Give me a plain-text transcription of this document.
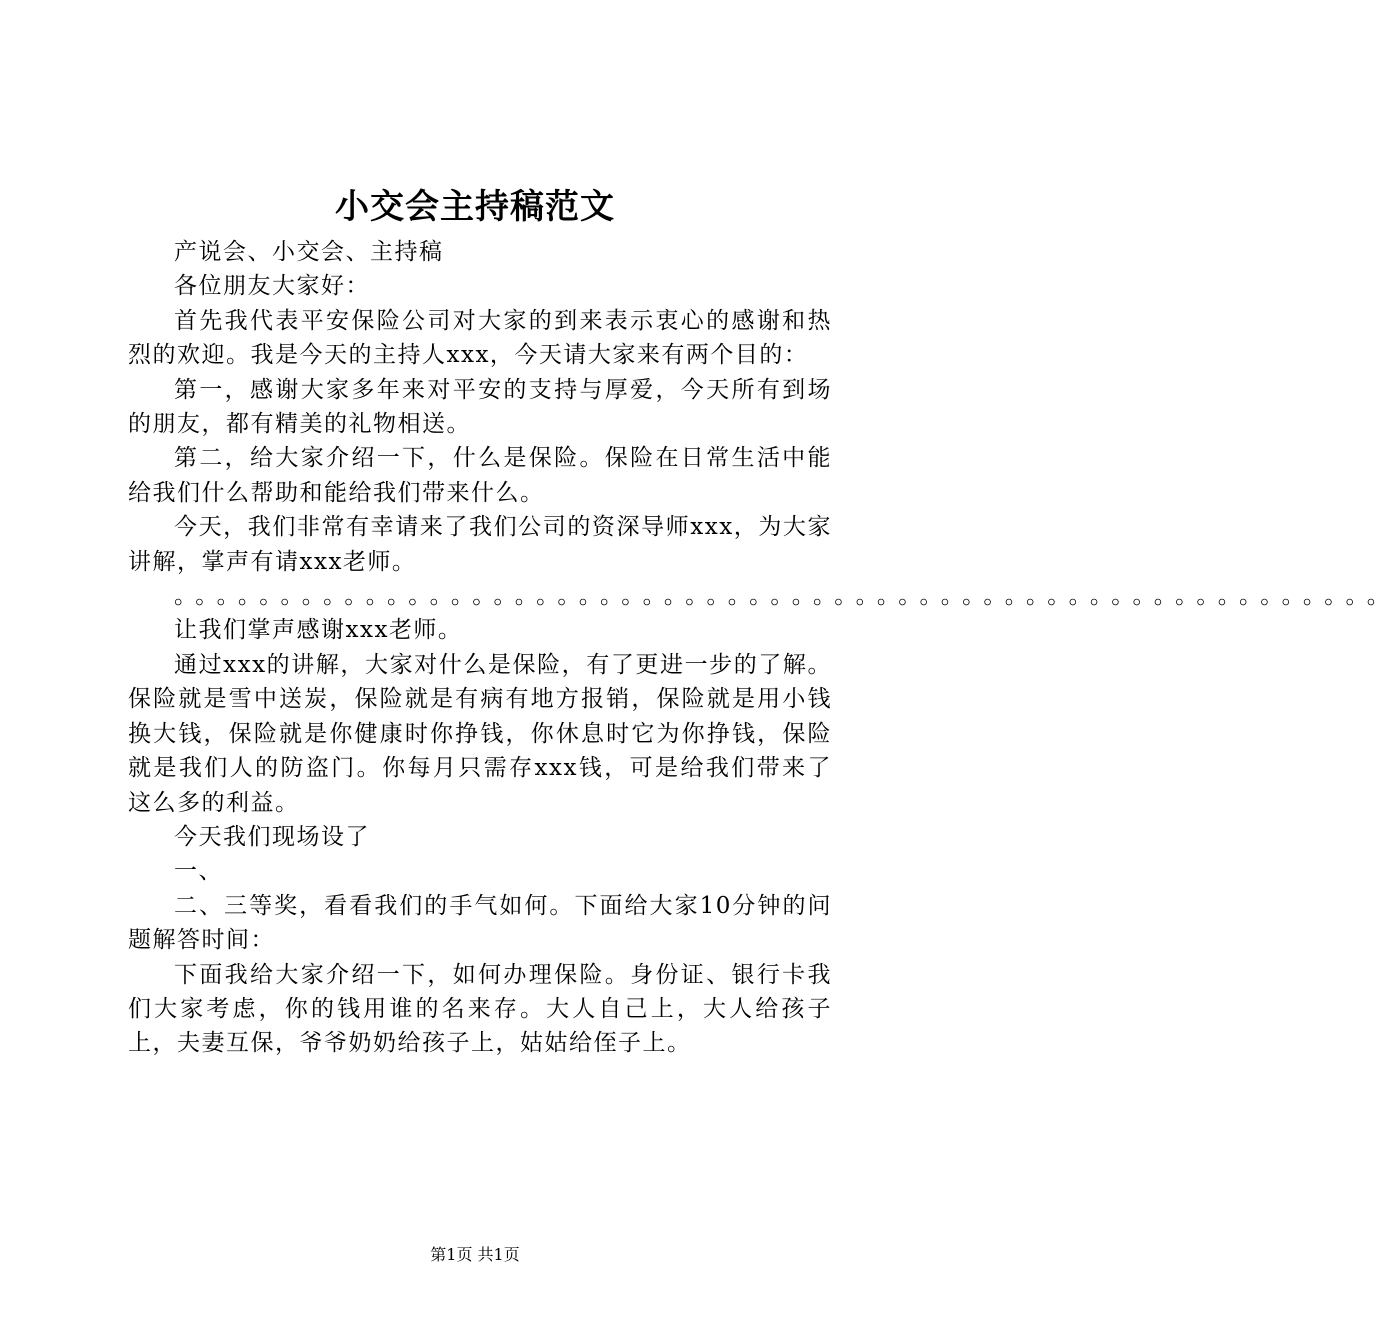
小交会主持稿范文

产说会、小交会、主持稿

各位朋友大家好：

首先我代表平安保险公司对大家的到来表示衷心的感谢和热烈的欢迎。我是今天的主持人xxx，今天请大家来有两个目的：

第一，感谢大家多年来对平安的支持与厚爱，今天所有到场的朋友，都有精美的礼物相送。

第二，给大家介绍一下，什么是保险。保险在日常生活中能给我们什么帮助和能给我们带来什么。

今天，我们非常有幸请来了我们公司的资深导师xxx，为大家讲解，掌声有请xxx老师。

。。。。。。。。。。。。。。。。。。。。。。。。。。。。。。。。。。。。。。。。。。。。。。。。。。。。。。。。。

让我们掌声感谢xxx老师。

通过xxx的讲解，大家对什么是保险，有了更进一步的了解。保险就是雪中送炭，保险就是有病有地方报销，保险就是用小钱换大钱，保险就是你健康时你挣钱，你休息时它为你挣钱，保险就是我们人的防盗门。你每月只需存xxx钱，可是给我们带来了这么多的利益。

今天我们现场设了

一、

二、三等奖，看看我们的手气如何。下面给大家10分钟的问题解答时间：

下面我给大家介绍一下，如何办理保险。身份证、银行卡我们大家考虑，你的钱用谁的名来存。大人自己上，大人给孩子上，夫妻互保，爷爷奶奶给孩子上，姑姑给侄子上。

第1页 共1页
